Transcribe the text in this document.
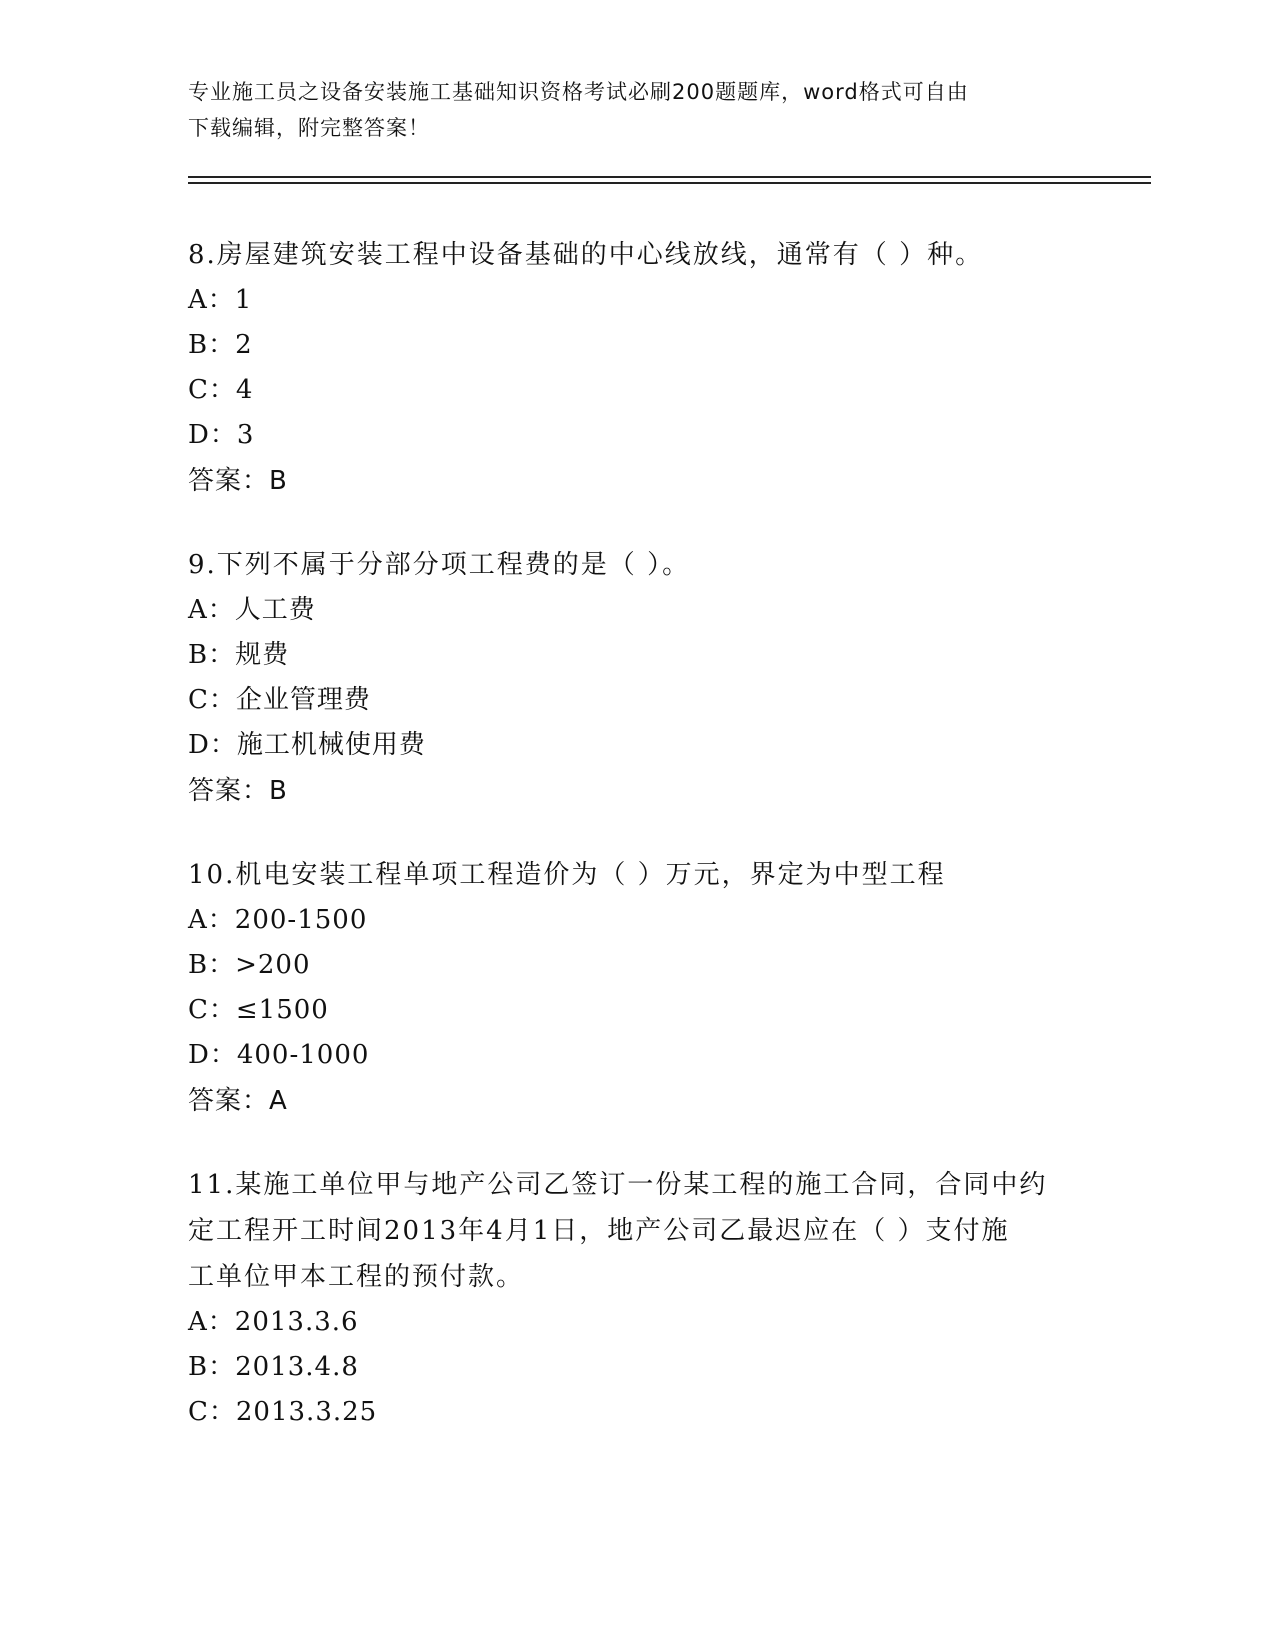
专业施工员之设备安装施工基础知识资格考试必刷200题题库，word格式可自由
下载编辑，附完整答案！
8.房屋建筑安装工程中设备基础的中心线放线，通常有（ ）种。
A：1
B：2
C：4
D：3
答案：B
9.下列不属于分部分项工程费的是（ ）。
A：人工费
B：规费
C：企业管理费
D：施工机械使用费
答案：B
10.机电安装工程单项工程造价为（ ）万元，界定为中型工程
A：200-1500
B：>200
C：≤1500
D：400-1000
答案：A
11.某施工单位甲与地产公司乙签订一份某工程的施工合同，合同中约
定工程开工时间2013年4月1日，地产公司乙最迟应在（ ）支付施
工单位甲本工程的预付款。
A：2013.3.6
B：2013.4.8
C：2013.3.25
